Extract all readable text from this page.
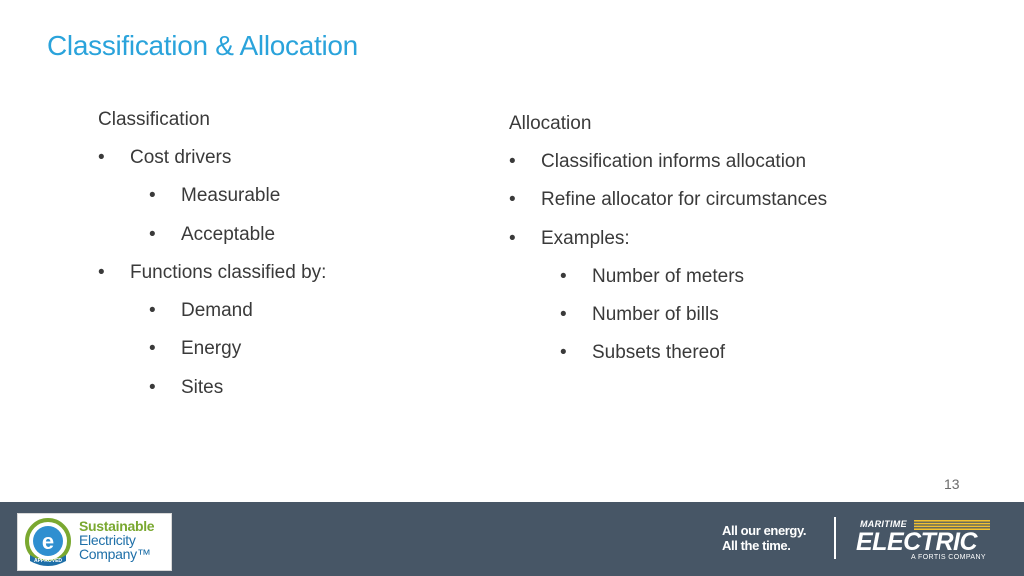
Classification & Allocation
Classification
• Cost drivers
• Measurable
• Acceptable
• Functions classified by:
• Demand
• Energy
• Sites
Allocation
• Classification informs allocation
• Refine allocator for circumstances
• Examples:
• Number of meters
• Number of bills
• Subsets thereof
13
e
APPROVED
Sustainable
Electricity
Company™
All our energy.
All the time.
MARITIME
ELECTRIC
A FORTIS COMPANY
